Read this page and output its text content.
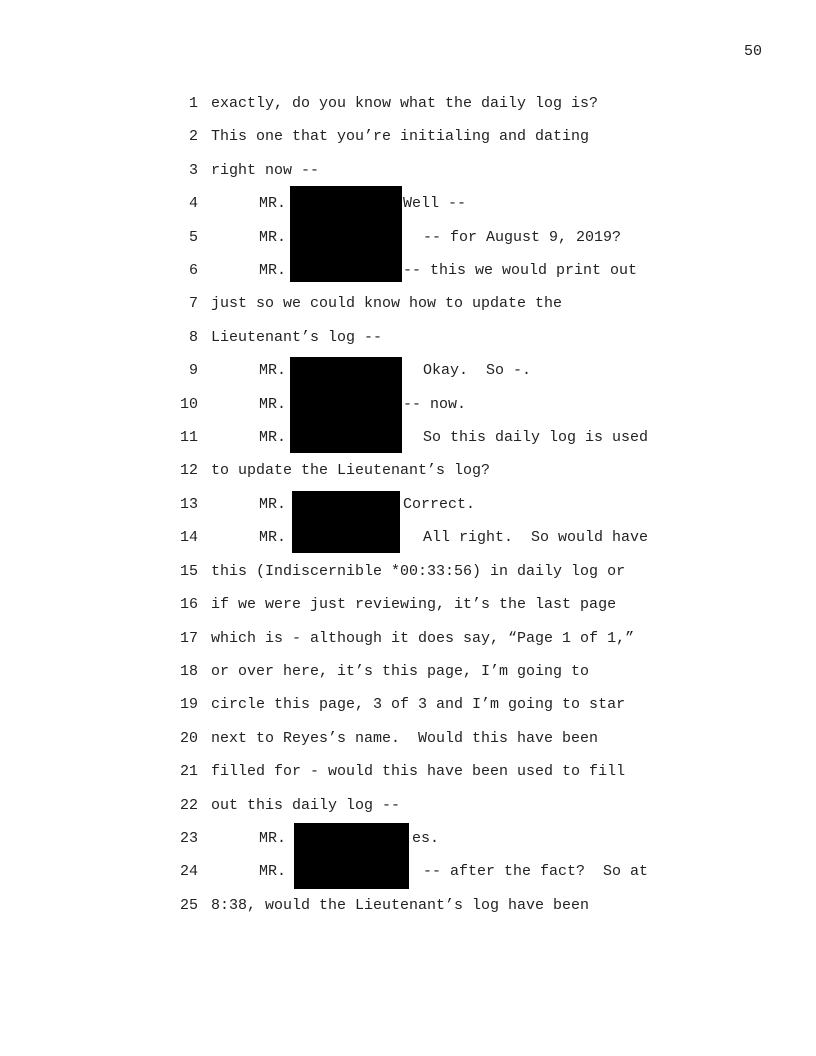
50
1 exactly, do you know what the daily log is?
2 This one that you’re initialing and dating
3 right now --
4	MR.	Well --
5	MR.	-- for August 9, 2019?
6	MR.	-- this we would print out
7 just so we could know how to update the
8 Lieutenant’s log --
9	MR.	Okay.  So -.
10	MR.	-- now.
11	MR.	So this daily log is used
12 to update the Lieutenant’s log?
13	MR.	Correct.
14	MR.	All right.  So would have
15 this (Indiscernible *00:33:56) in daily log or
16 if we were just reviewing, it’s the last page
17 which is - although it does say, “Page 1 of 1,”
18 or over here, it’s this page, I’m going to
19 circle this page, 3 of 3 and I’m going to star
20 next to Reyes’s name.  Would this have been
21 filled for - would this have been used to fill
22 out this daily log --
23	MR.	es.
24	MR.	-- after the fact?  So at
25 8:38, would the Lieutenant’s log have been
